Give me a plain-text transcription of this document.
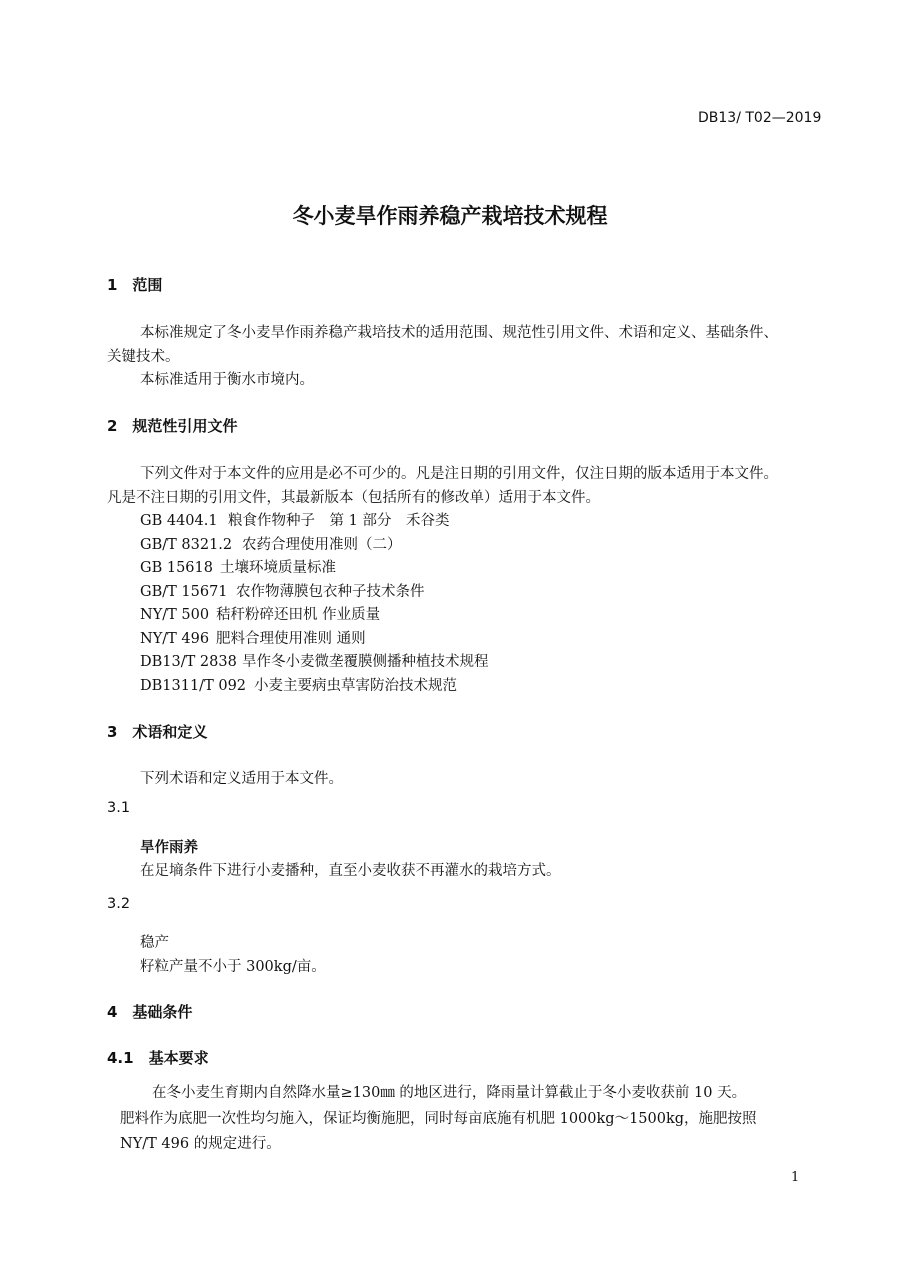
DB13/ T02—2019
冬小麦旱作雨养稳产栽培技术规程
1　范围
本标准规定了冬小麦旱作雨养稳产栽培技术的适用范围、规范性引用文件、术语和定义、基础条件、
关键技术。
本标准适用于衡水市境内。
2　规范性引用文件
下列文件对于本文件的应用是必不可少的。凡是注日期的引用文件，仅注日期的版本适用于本文件。
凡是不注日期的引用文件，其最新版本（包括所有的修改单）适用于本文件。
GB 4404.1 粮食作物种子　第 1 部分　禾谷类
GB/T 8321.2 农药合理使用准则（二）
GB 15618 土壤环境质量标准
GB/T 15671 农作物薄膜包衣种子技术条件
NY/T 500 秸秆粉碎还田机 作业质量
NY/T 496 肥料合理使用准则 通则
DB13/T 2838 旱作冬小麦微垄覆膜侧播种植技术规程
DB1311/T 092 小麦主要病虫草害防治技术规范
3　术语和定义
下列术语和定义适用于本文件。
3.1
旱作雨养
在足墒条件下进行小麦播种，直至小麦收获不再灌水的栽培方式。
3.2
稳产
籽粒产量不小于 300kg/亩。
4　基础条件
4.1　基本要求
在冬小麦生育期内自然降水量≥130㎜ 的地区进行，降雨量计算截止于冬小麦收获前 10 天。
肥料作为底肥一次性均匀施入，保证均衡施肥，同时每亩底施有机肥 1000kg～1500kg，施肥按照
NY/T 496 的规定进行。
1
